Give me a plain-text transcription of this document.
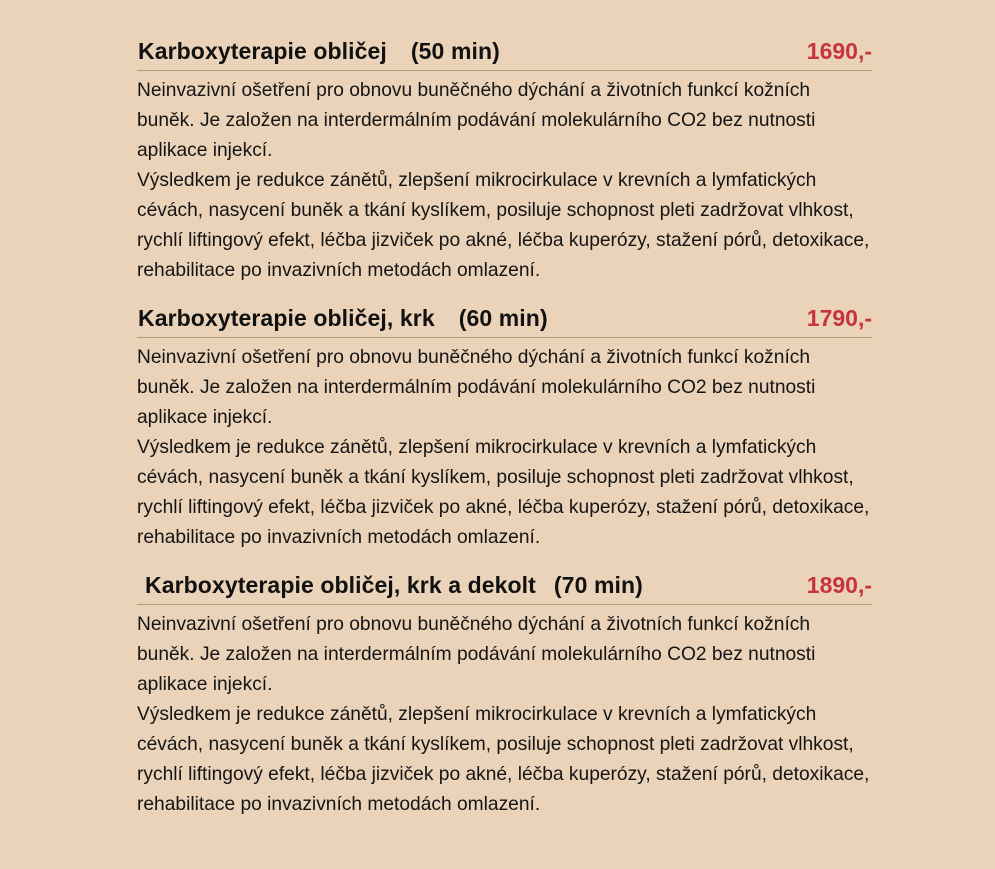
Karboxyterapie obličej (50 min)	1690,-

Neinvazivní ošetření pro obnovu buněčného dýchání a životních funkcí kožních buněk. Je založen na interdermálním podávání molekulárního CO2 bez nutnosti aplikace injekcí.

Výsledkem je redukce zánětů, zlepšení mikrocirkulace v krevních a lymfatických cévách, nasycení buněk a tkání kyslíkem, posiluje schopnost pleti zadržovat vlhkost, rychlí liftingový efekt, léčba jizviček po akné, léčba kuperózy, stažení pórů, detoxikace, rehabilitace po invazivních metodách omlazení.

Karboxyterapie obličej, krk (60 min)	1790,-

Neinvazivní ošetření pro obnovu buněčného dýchání a životních funkcí kožních buněk. Je založen na interdermálním podávání molekulárního CO2 bez nutnosti aplikace injekcí.

Výsledkem je redukce zánětů, zlepšení mikrocirkulace v krevních a lymfatických cévách, nasycení buněk a tkání kyslíkem, posiluje schopnost pleti zadržovat vlhkost, rychlí liftingový efekt, léčba jizviček po akné, léčba kuperózy, stažení pórů, detoxikace, rehabilitace po invazivních metodách omlazení.

Karboxyterapie obličej, krk a dekolt (70 min)	1890,-

Neinvazivní ošetření pro obnovu buněčného dýchání a životních funkcí kožních buněk. Je založen na interdermálním podávání molekulárního CO2 bez nutnosti aplikace injekcí.

Výsledkem je redukce zánětů, zlepšení mikrocirkulace v krevních a lymfatických cévách, nasycení buněk a tkání kyslíkem, posiluje schopnost pleti zadržovat vlhkost, rychlí liftingový efekt, léčba jizviček po akné, léčba kuperózy, stažení pórů, detoxikace, rehabilitace po invazivních metodách omlazení.
